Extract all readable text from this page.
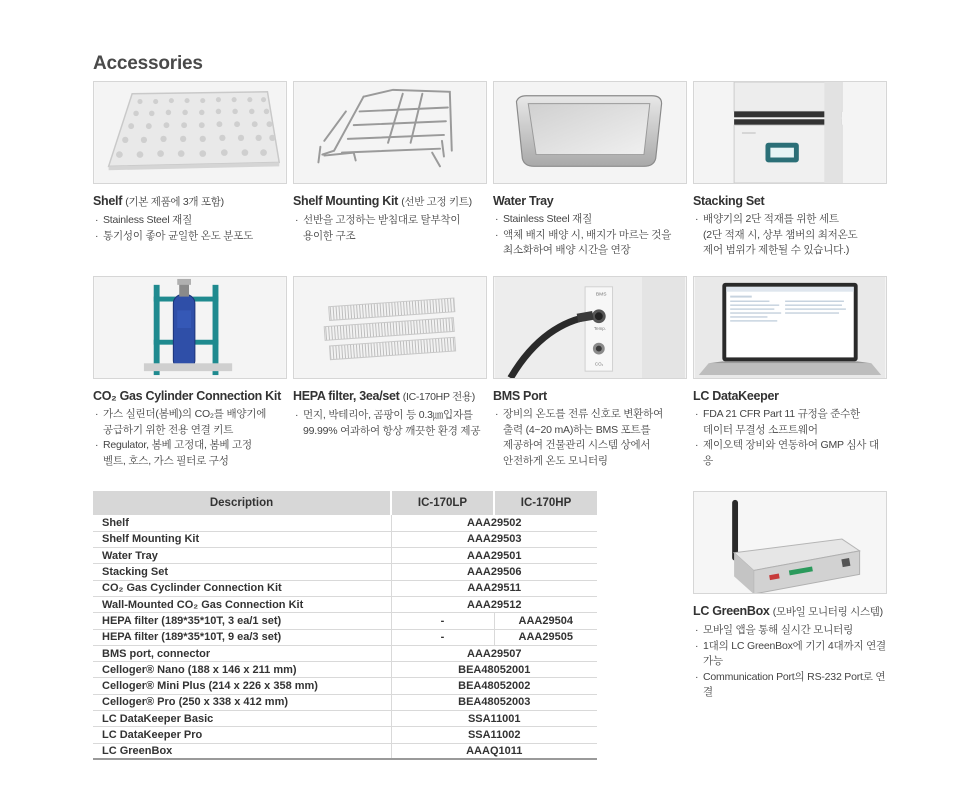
Accessories
Shelf (기본 제품에 3개 포함)
· Stainless Steel 재질
· 통기성이 좋아 균일한 온도 분포도
Shelf Mounting Kit (선반 고정 키트)
· 선반을 고정하는 받침대로 탈부착이
용이한 구조
Water Tray
· Stainless Steel 재질
· 액체 배지 배양 시, 배지가 마르는 것을
최소화하여 배양 시간을 연장
Stacking Set
· 배양기의 2단 적재를 위한 세트
(2단 적재 시, 상부 챔버의 최저온도
제어 범위가 제한될 수 있습니다.)
CO₂ Gas Cylinder Connection Kit
· 가스 실린더(봄베)의 CO₂를 배양기에
공급하기 위한 전용 연결 키트
· Regulator, 봄베 고정대, 봄베 고정
벨트, 호스, 가스 필터로 구성
HEPA filter, 3ea/set (IC-170HP 전용)
· 먼지, 박테리아, 곰팡이 등 0.3㎛입자를
99.99% 여과하여 항상 깨끗한 환경 제공
BMS
Temp.
CO₂
BMS Port
· 장비의 온도를 전류 신호로 변환하여
출력 (4~20 mA)하는 BMS 포트를
제공하여 건물관리 시스템 상에서
안전하게 온도 모니터링
LC DataKeeper
· FDA 21 CFR Part 11 규정을 준수한
데이터 무결성 소프트웨어
· 제이오텍 장비와 연동하여 GMP 심사 대응
LC GreenBox (모바일 모니터링 시스템)
· 모바일 앱을 통해 실시간 모니터링
· 1대의 LC GreenBox에 기기 4대까지 연결 가능
· Communication Port의 RS-232 Port로 연결
Description	IC-170LP	IC-170HP
Shelf	AAA29502	
Shelf Mounting Kit	AAA29503	
Water Tray	AAA29501	
Stacking Set	AAA29506	
CO₂ Gas Cyclinder Connection Kit	AAA29511	
Wall-Mounted CO₂ Gas Connection Kit	AAA29512	
HEPA filter (189*35*10T, 3 ea/1 set)	-	AAA29504
HEPA filter (189*35*10T, 9 ea/3 set)	-	AAA29505
BMS port, connector	AAA29507	
Celloger® Nano (188 x 146 x 211 mm)	BEA48052001	
Celloger® Mini Plus (214 x 226 x 358 mm)	BEA48052002	
Celloger® Pro (250 x 338 x 412 mm)	BEA48052003	
LC DataKeeper Basic	SSA11001	
LC DataKeeper Pro	SSA11002	
LC GreenBox	AAAQ1011	
